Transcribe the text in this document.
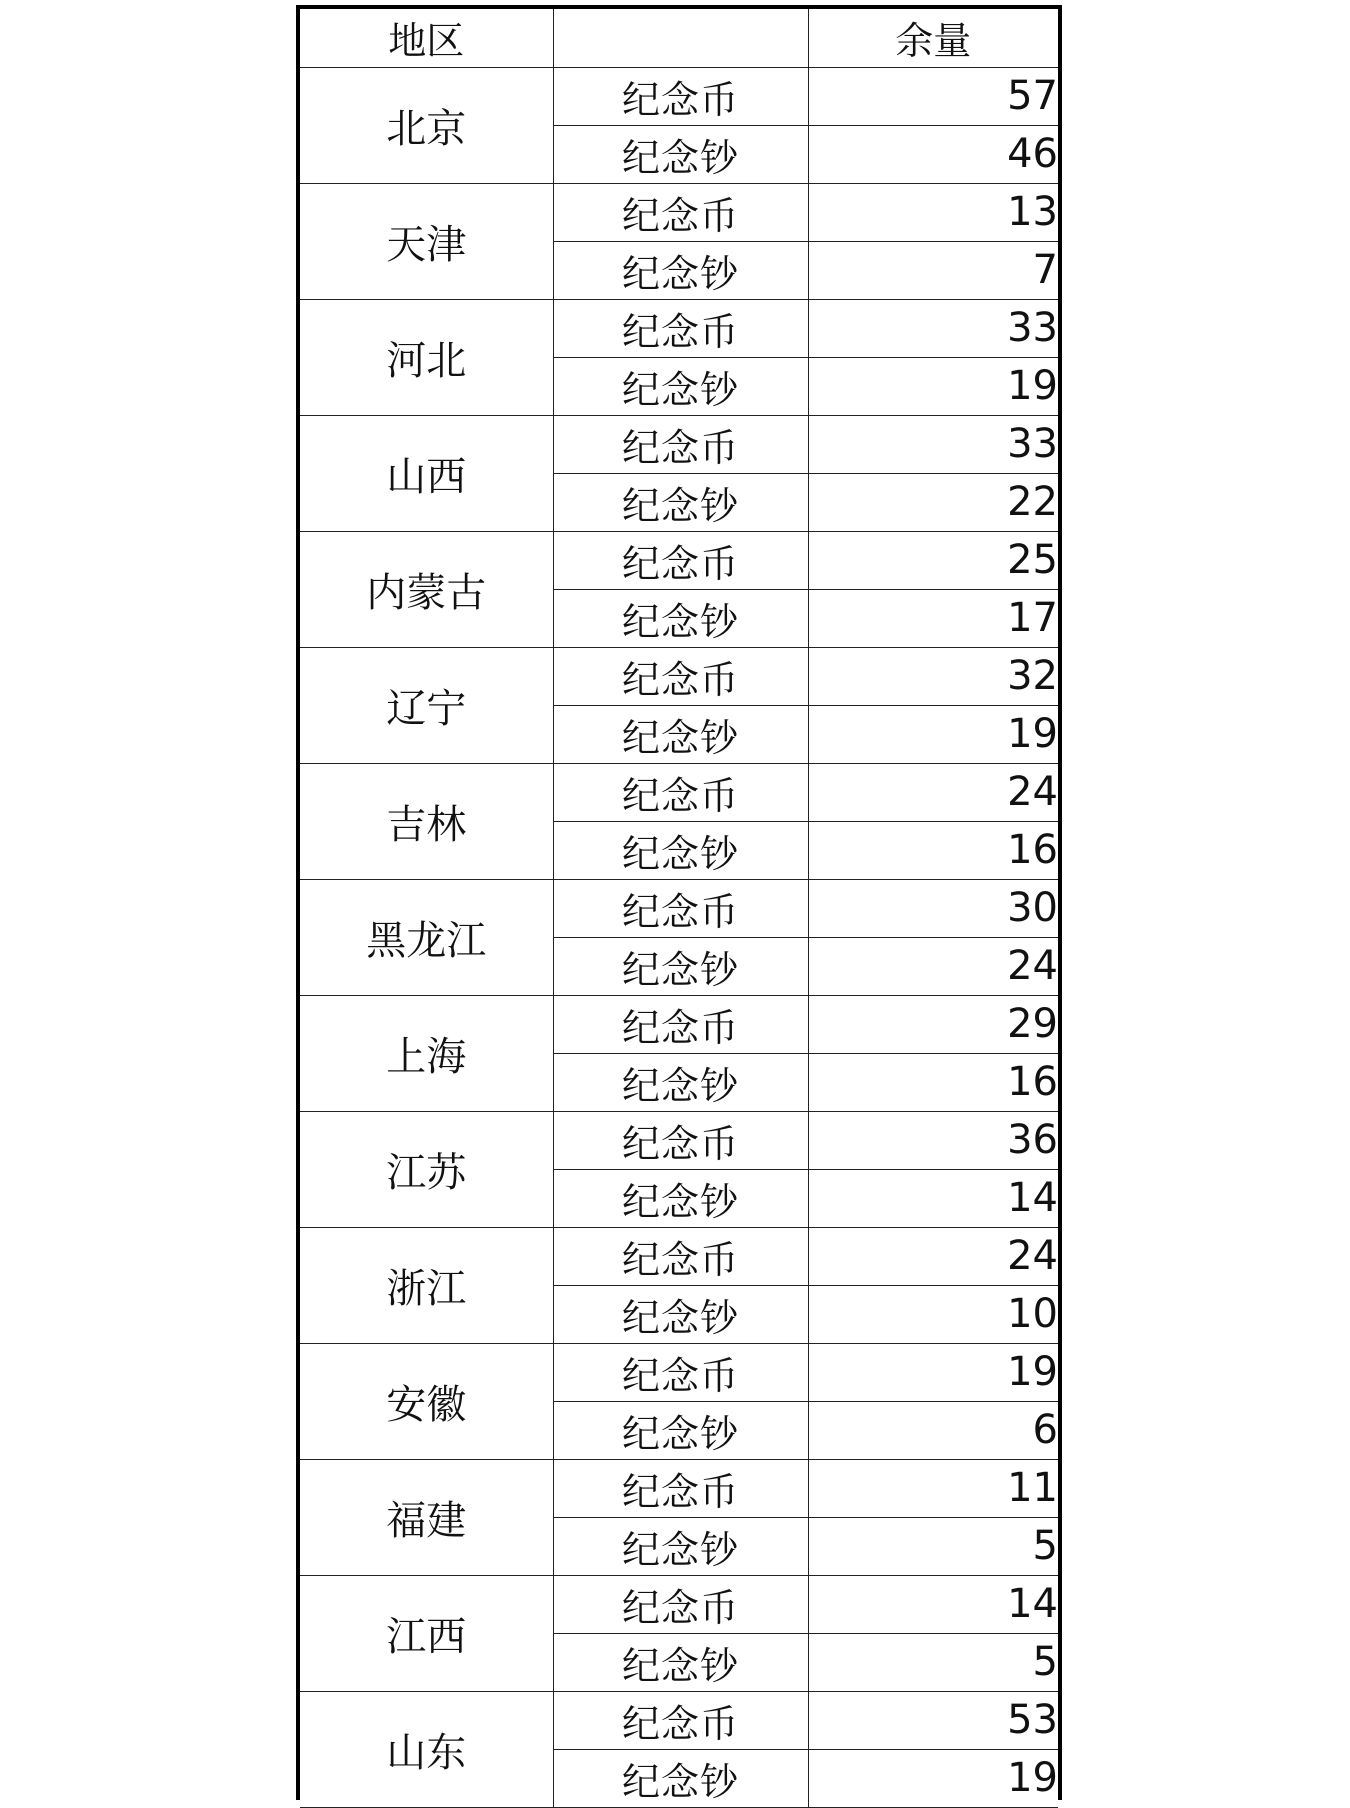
地区		余量
北京	纪念币	57
	纪念钞	46
天津	纪念币	13
	纪念钞	7
河北	纪念币	33
	纪念钞	19
山西	纪念币	33
	纪念钞	22
内蒙古	纪念币	25
	纪念钞	17
辽宁	纪念币	32
	纪念钞	19
吉林	纪念币	24
	纪念钞	16
黑龙江	纪念币	30
	纪念钞	24
上海	纪念币	29
	纪念钞	16
江苏	纪念币	36
	纪念钞	14
浙江	纪念币	24
	纪念钞	10
安徽	纪念币	19
	纪念钞	6
福建	纪念币	11
	纪念钞	5
江西	纪念币	14
	纪念钞	5
山东	纪念币	53
	纪念钞	19
